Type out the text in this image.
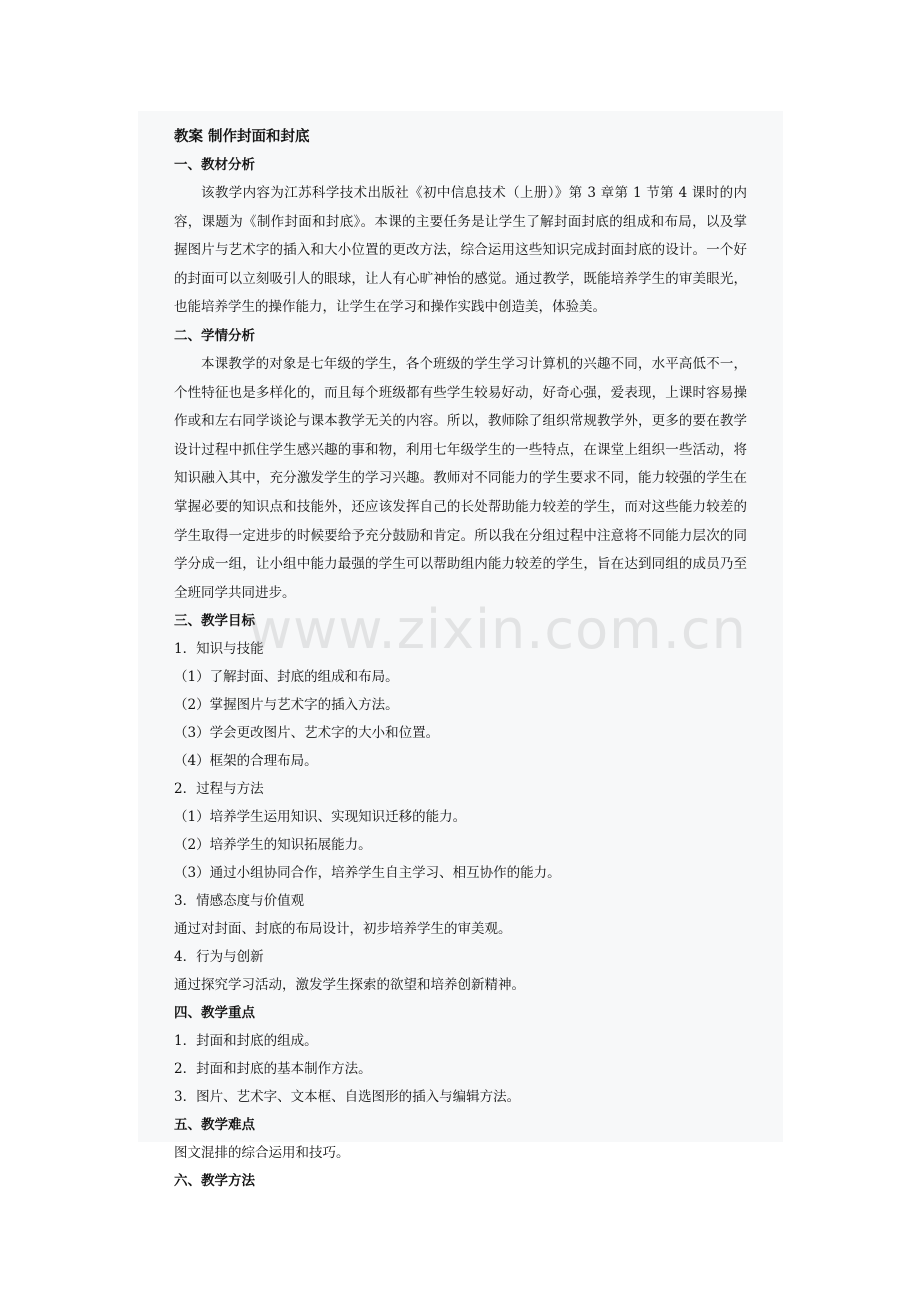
教案 制作封面和封底
一、教材分析

该教学内容为江苏科学技术出版社《初中信息技术（上册）》第 3 章第 1 节第 4 课时的内容，课题为《制作封面和封底》。本课的主要任务是让学生了解封面封底的组成和布局，以及掌握图片与艺术字的插入和大小位置的更改方法，综合运用这些知识完成封面封底的设计。一个好的封面可以立刻吸引人的眼球，让人有心旷神怡的感觉。通过教学，既能培养学生的审美眼光，也能培养学生的操作能力，让学生在学习和操作实践中创造美，体验美。

二、学情分析

本课教学的对象是七年级的学生，各个班级的学生学习计算机的兴趣不同，水平高低不一，个性特征也是多样化的，而且每个班级都有些学生较易好动，好奇心强，爱表现，上课时容易操作或和左右同学谈论与课本教学无关的内容。所以，教师除了组织常规教学外，更多的要在教学设计过程中抓住学生感兴趣的事和物，利用七年级学生的一些特点，在课堂上组织一些活动，将知识融入其中，充分激发学生的学习兴趣。教师对不同能力的学生要求不同，能力较强的学生在掌握必要的知识点和技能外，还应该发挥自己的长处帮助能力较差的学生，而对这些能力较差的学生取得一定进步的时候要给予充分鼓励和肯定。所以我在分组过程中注意将不同能力层次的同学分成一组，让小组中能力最强的学生可以帮助组内能力较差的学生，旨在达到同组的成员乃至全班同学共同进步。

三、教学目标
1．知识与技能
（1）了解封面、封底的组成和布局。
（2）掌握图片与艺术字的插入方法。
（3）学会更改图片、艺术字的大小和位置。
（4）框架的合理布局。
2．过程与方法
（1）培养学生运用知识、实现知识迁移的能力。
（2）培养学生的知识拓展能力。
（3）通过小组协同合作，培养学生自主学习、相互协作的能力。
3．情感态度与价值观
通过对封面、封底的布局设计，初步培养学生的审美观。
4．行为与创新
通过探究学习活动，激发学生探索的欲望和培养创新精神。
四、教学重点
1．封面和封底的组成。
2．封面和封底的基本制作方法。
3．图片、艺术字、文本框、自选图形的插入与编辑方法。
五、教学难点
图文混排的综合运用和技巧。
六、教学方法
